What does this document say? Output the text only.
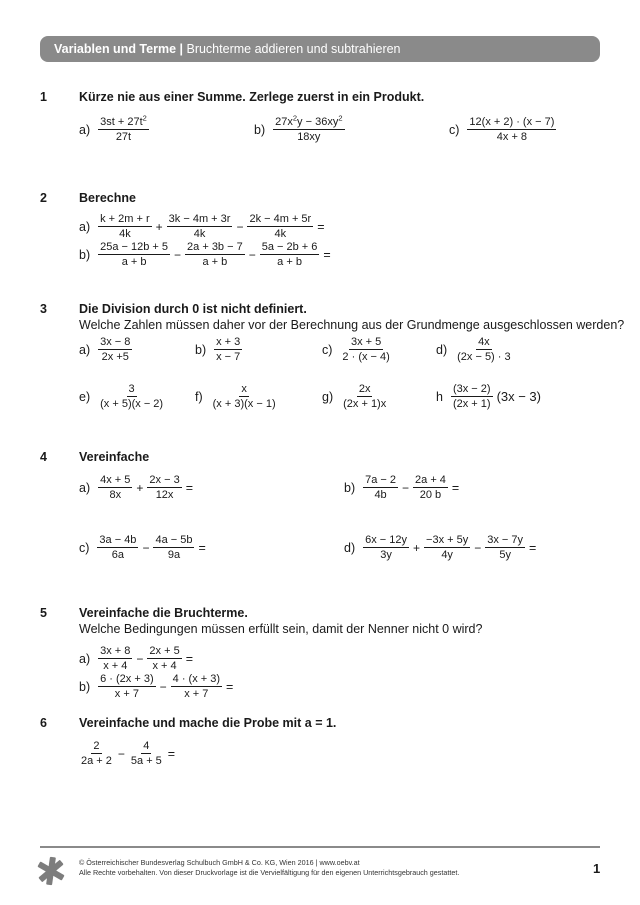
Variablen und Terme | Bruchterme addieren und subtrahieren
1	Kürze nie aus einer Summe. Zerlege zuerst in ein Produkt.
$a) \frac{3st + 27t^2}{27t}$	$b) \frac{27x^2y - 36xy^2}{18xy}$	$c) \frac{12(x + 2) \cdot (x - 7)}{4x + 8}$
2	Berechne
$a) \frac{k + 2m + r}{4k} + \frac{3k - 4m + 3r}{4k} - \frac{2k - 4m + 5r}{4k}$ =
$b) \frac{25a - 12b + 5}{a + b} - \frac{2a + 3b - 7}{a + b} - \frac{5a - 2b + 6}{a + b}$ =
3	Die Division durch 0 ist nicht definiert.
Welche Zahlen müssen daher vor der Berechnung aus der Grundmenge ausgeschlossen werden?
$a) \frac{3x - 8}{2x +5}$	$b) \frac{x + 3}{x - 7}$	$c) \frac{3x + 5}{2 \cdot (x - 4)}$	$d) \frac{4x}{(2x - 5) \cdot 3}$
$e) \frac{3}{(x + 5)(x - 2)} f) \frac{x}{(x + 3)(x - 1)}$	$g) \frac{2x}{(2x + 1)x}$	h $\frac{(3x - 2)}{(2x + 1)} (3x - 3)$
4	Vereinfache
$a) \frac{4x + 5}{8x} + \frac{2x - 3}{12x}$ =	$b) \frac{7a - 2}{4b} - \frac{2a + 4}{20 b}$ =
$c) \frac{3a - 4b}{6a} - \frac{4a - 5b}{9a}$ =	$d) \frac{6x - 12y}{3y} + \frac{-3x + 5y}{4y} - \frac{3x - 7y}{5y}$ =
5	Vereinfache die Bruchterme.
Welche Bedingungen müssen erfüllt sein, damit der Nenner nicht 0 wird?
$a) \frac{3x + 8}{x + 4} - \frac{2x + 5}{x + 4}$ =
$b) \frac{6 \cdot (2x + 3)}{x + 7} - \frac{4 \cdot (x + 3)}{x + 7}$ =
6	Vereinfache und mache die Probe mit a = 1.
$\frac{2}{2a + 2} - \frac{4}{5a + 5}$ =
© Österreichischer Bundesverlag Schulbuch GmbH & Co. KG, Wien 2016 | www.oebv.at
Alle Rechte vorbehalten. Von dieser Druckvorlage ist die Vervielfältigung für den eigenen Unterrichtsgebrauch gestattet.	1
